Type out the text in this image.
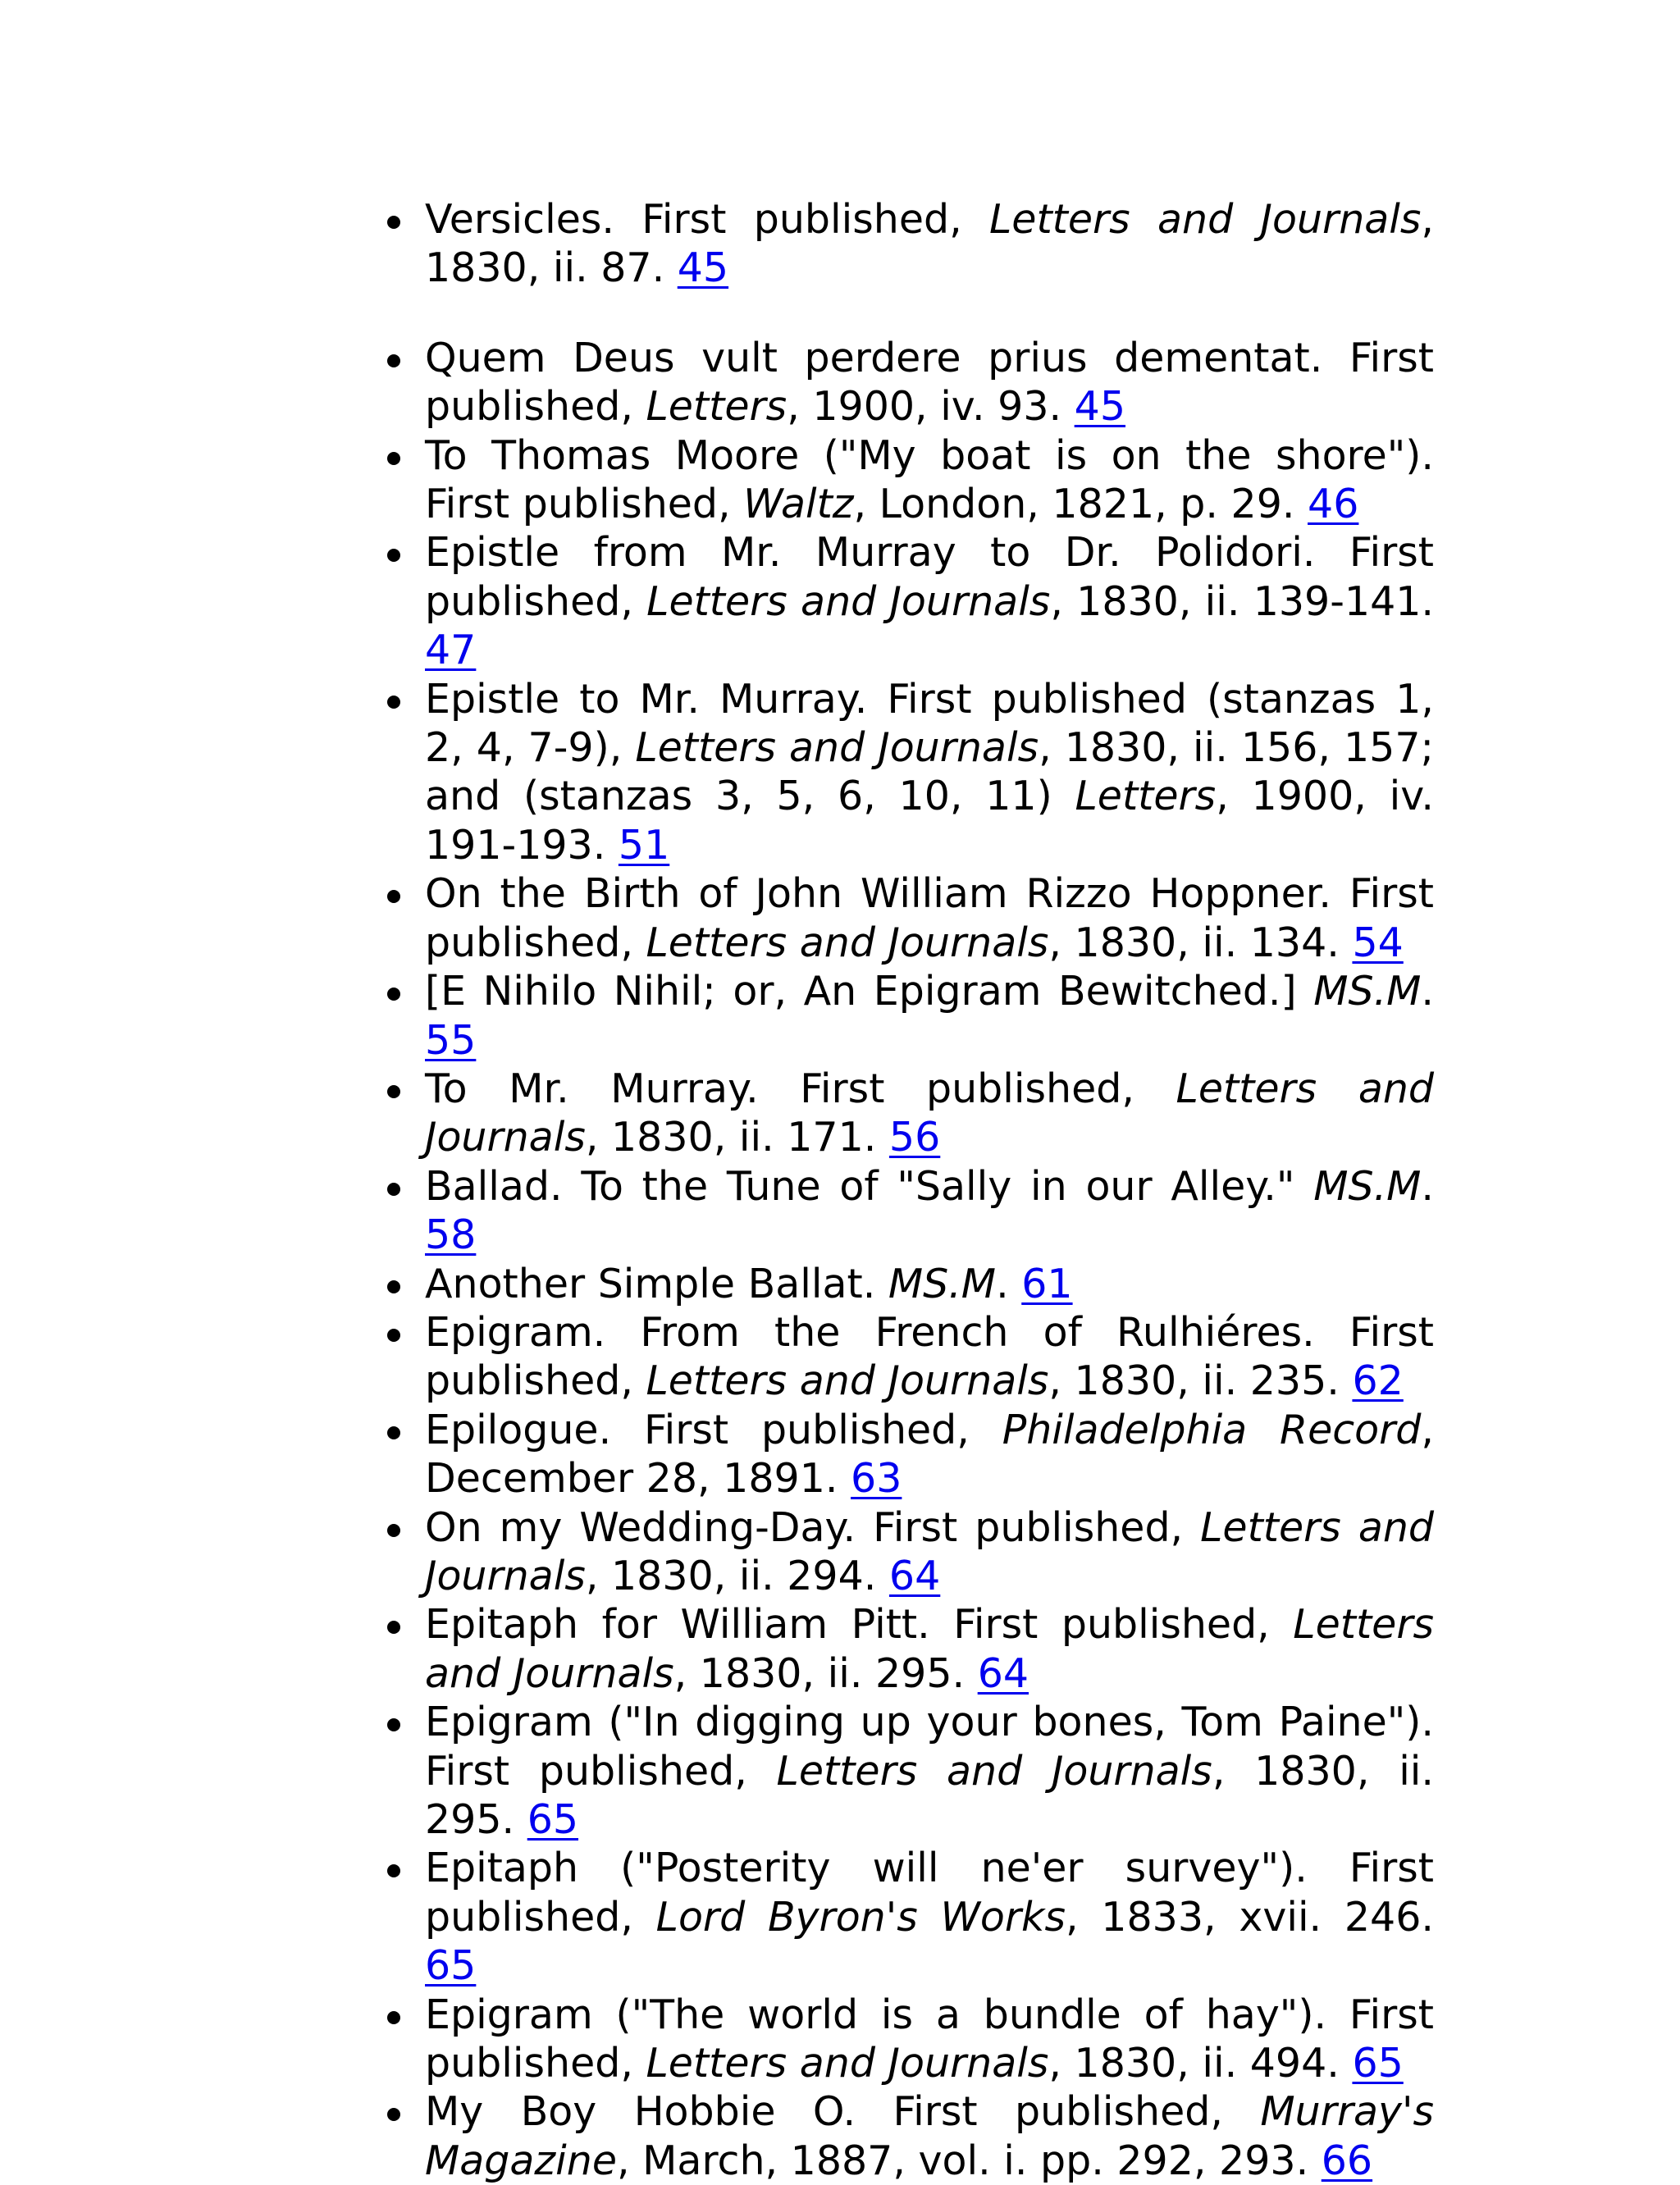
Versicles. First published, Letters and Journals, 1830, ii. 87. 45
Quem Deus vult perdere prius dementat. First published, Letters, 1900, iv. 93. 45
To Thomas Moore ("My boat is on the shore"). First published, Waltz, London, 1821, p. 29. 46
Epistle from Mr. Murray to Dr. Polidori. First published, Letters and Journals, 1830, ii. 139-141. 47
Epistle to Mr. Murray. First published (stanzas 1, 2, 4, 7-9), Letters and Journals, 1830, ii. 156, 157; and (stanzas 3, 5, 6, 10, 11) Letters, 1900, iv. 191-193. 51
On the Birth of John William Rizzo Hoppner. First published, Letters and Journals, 1830, ii. 134. 54
[E Nihilo Nihil; or, An Epigram Bewitched.] MS.M. 55
To Mr. Murray. First published, Letters and Journals, 1830, ii. 171. 56
Ballad. To the Tune of "Sally in our Alley." MS.M. 58
Another Simple Ballat. MS.M. 61
Epigram. From the French of Rulhiéres. First published, Letters and Journals, 1830, ii. 235. 62
Epilogue. First published, Philadelphia Record, December 28, 1891. 63
On my Wedding-Day. First published, Letters and Journals, 1830, ii. 294. 64
Epitaph for William Pitt. First published, Letters and Journals, 1830, ii. 295. 64
Epigram ("In digging up your bones, Tom Paine"). First published, Letters and Journals, 1830, ii. 295. 65
Epitaph ("Posterity will ne'er survey"). First published, Lord Byron's Works, 1833, xvii. 246. 65
Epigram ("The world is a bundle of hay"). First published, Letters and Journals, 1830, ii. 494. 65
My Boy Hobbie O. First published, Murray's Magazine, March, 1887, vol. i. pp. 292, 293. 66
